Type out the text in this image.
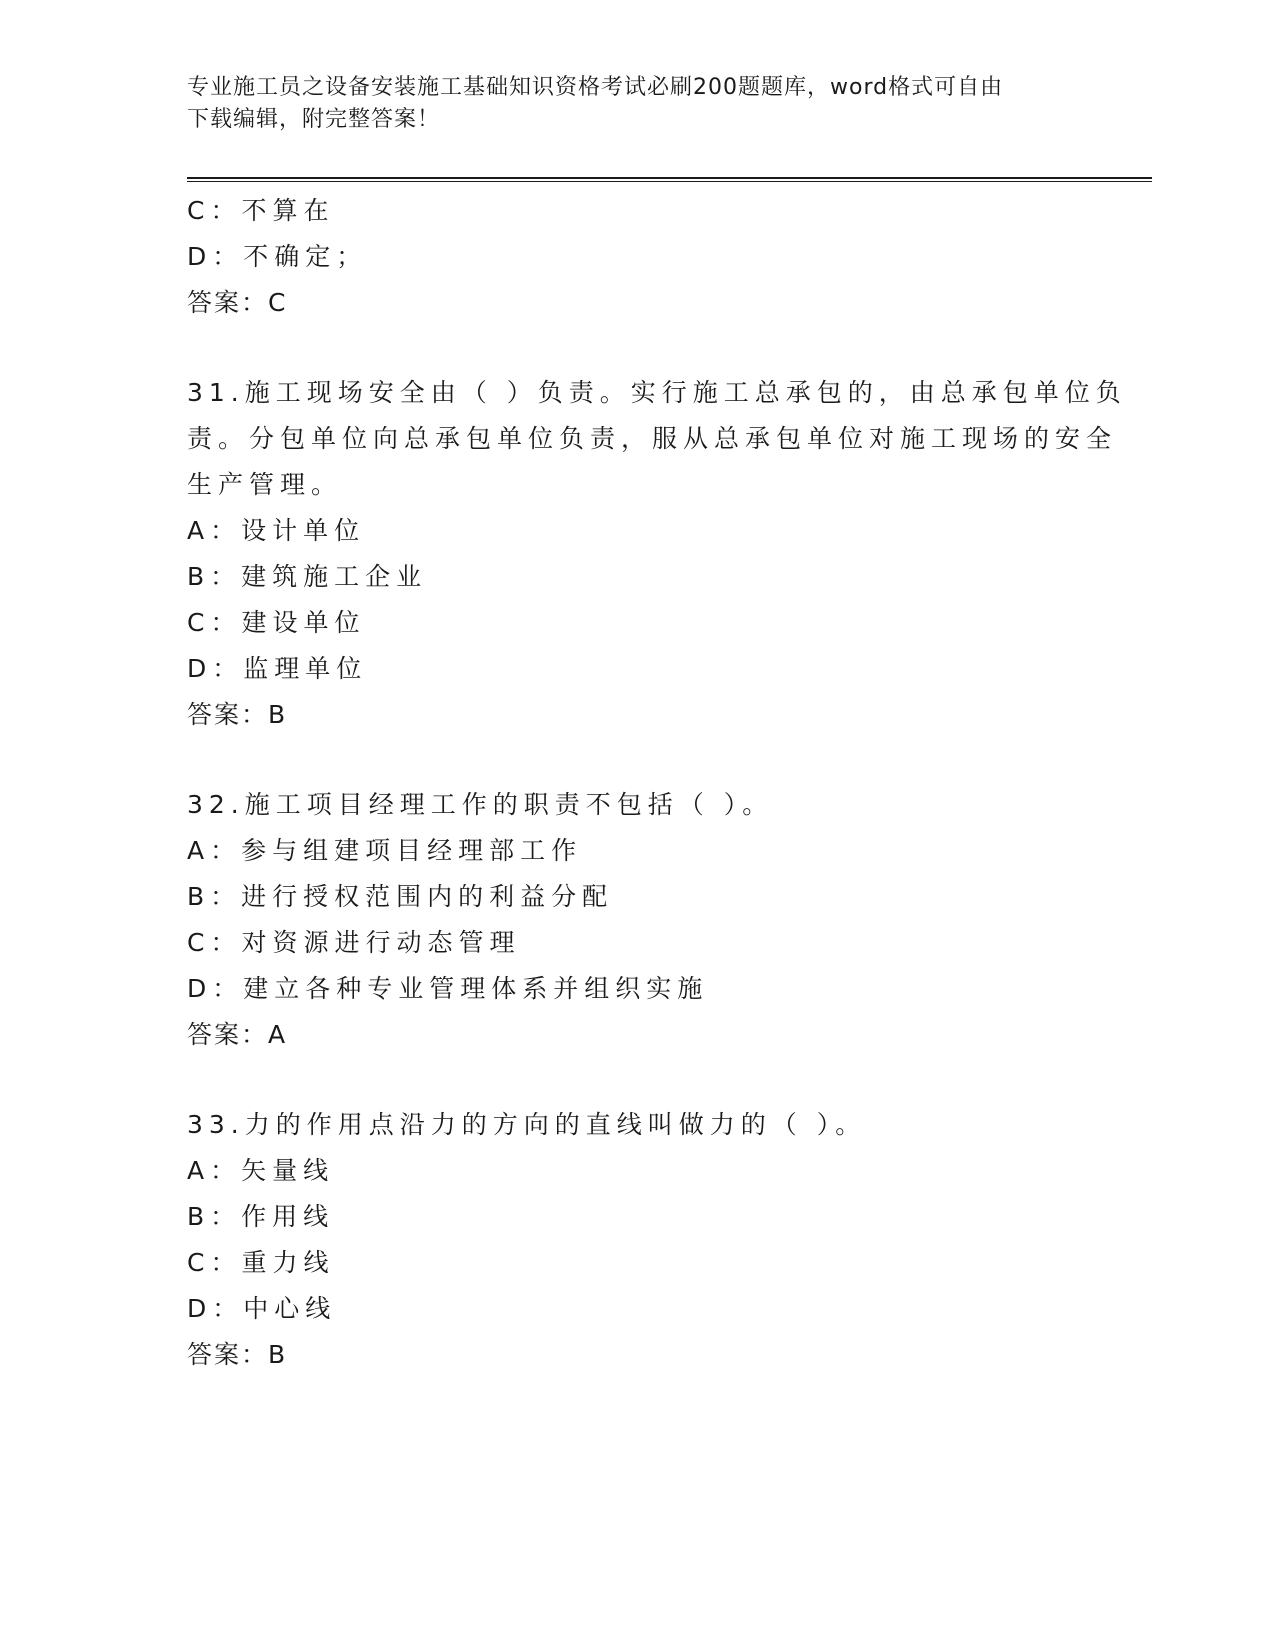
专业施工员之设备安装施工基础知识资格考试必刷200题题库，word格式可自由
下载编辑，附完整答案！
C：不算在
D：不确定；
答案：C
31.施工现场安全由（ ）负责。实行施工总承包的，由总承包单位负
责。分包单位向总承包单位负责，服从总承包单位对施工现场的安全
生产管理。
A：设计单位
B：建筑施工企业
C：建设单位
D：监理单位
答案：B
32.施工项目经理工作的职责不包括（ ）。
A：参与组建项目经理部工作
B：进行授权范围内的利益分配
C：对资源进行动态管理
D：建立各种专业管理体系并组织实施
答案：A
33.力的作用点沿力的方向的直线叫做力的（ ）。
A：矢量线
B：作用线
C：重力线
D：中心线
答案：B
